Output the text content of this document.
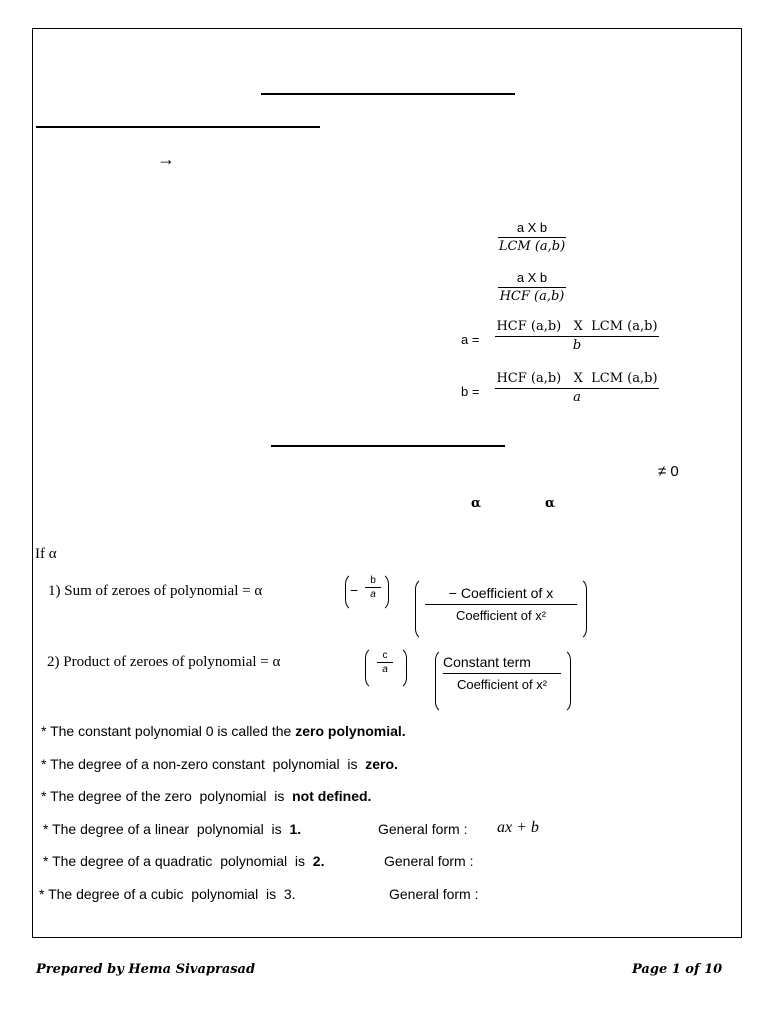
→
a X b
LCM (a,b)
a X b
HCF (a,b)
a =
HCF (a,b)   X  LCM (a,b)
b
b =
HCF (a,b)   X  LCM (a,b)
a
≠ 0
α	α
If α
1) Sum of zeroes of polynomial = α	−
b
a	− Coefficient of x
Coefficient of x²
2) Product of zeroes of polynomial = α	c
a	Constant term
Coefficient of x²
* The constant polynomial 0 is called the zero polynomial.
* The degree of a non-zero constant  polynomial  is  zero.
* The degree of the zero  polynomial  is  not defined.
* The degree of a linear  polynomial  is  1.	General form : ax + b
* The degree of a quadratic  polynomial  is  2.	General form :
* The degree of a cubic  polynomial  is  3.	General form :
Prepared by Hema Sivaprasad	Page 1 of 10
